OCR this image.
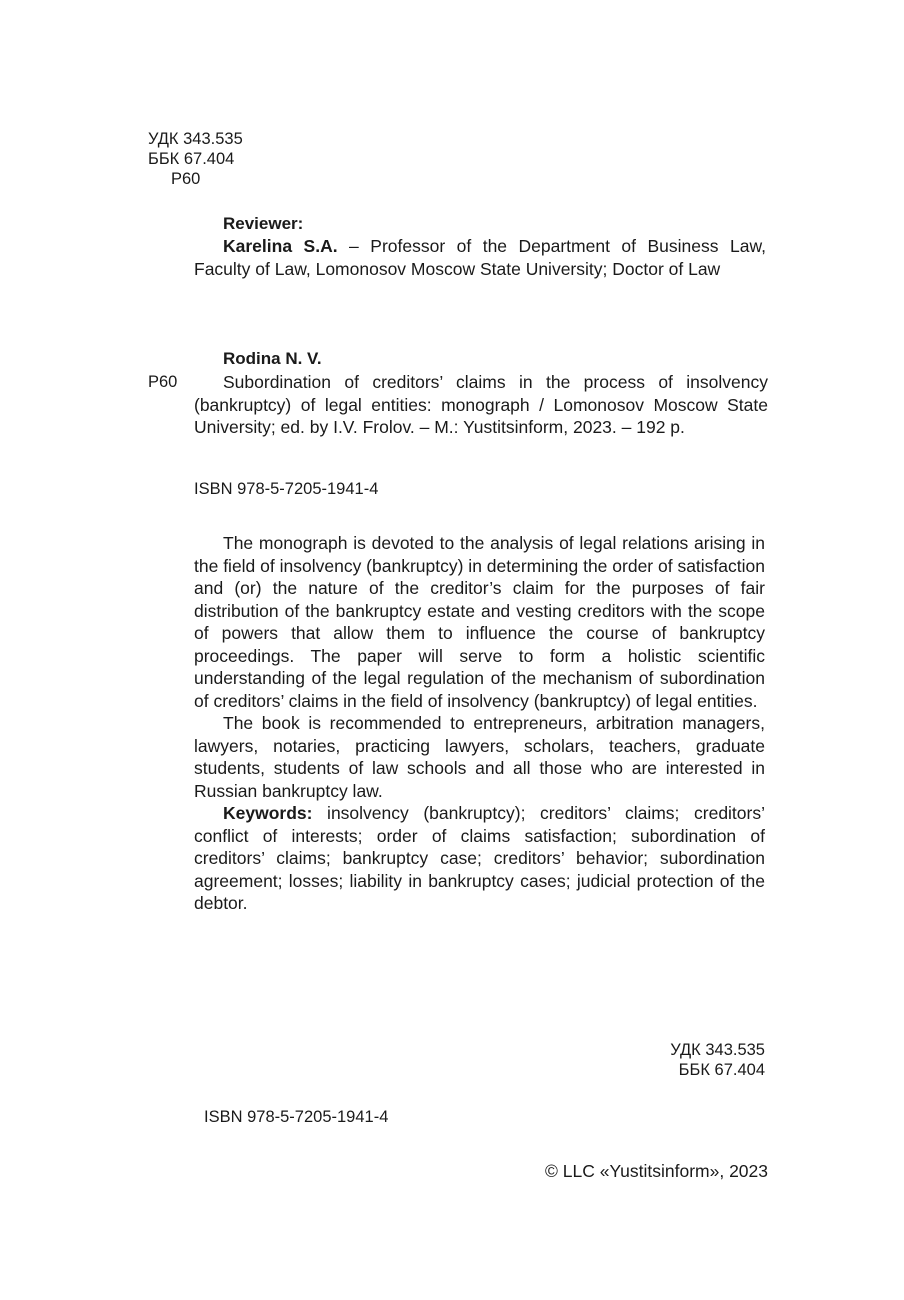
УДК 343.535
ББК 67.404
Р60
Reviewer:
Karelina S.A. – Professor of the Department of Business Law, Faculty of Law, Lomonosov Moscow State University; Doctor of Law
Rodina N. V.
Р60	Subordination of creditors’ claims in the process of insolvency (bankruptcy) of legal entities: monograph / Lomonosov Moscow State University; ed. by I.V. Frolov. – M.: Yustitsinform, 2023. – 192 p.
ISBN 978-5-7205-1941-4

The monograph is devoted to the analysis of legal relations arising in the field of insolvency (bankruptcy) in determining the order of satisfaction and (or) the nature of the creditor’s claim for the purposes of fair distribution of the bankruptcy estate and vesting creditors with the scope of powers that allow them to influence the course of bankruptcy proceedings. The paper will serve to form a holistic scientific understanding of the legal regulation of the mechanism of subordination of creditors’ claims in the field of insolvency (bankruptcy) of legal entities.

The book is recommended to entrepreneurs, arbitration managers, lawyers, notaries, practicing lawyers, scholars, teachers, graduate students, students of law schools and all those who are interested in Russian bankruptcy law.

Keywords: insolvency (bankruptcy); creditors’ claims; creditors’ conflict of interests; order of claims satisfaction; subordination of creditors’ claims; bankruptcy case; creditors’ behavior; subordination agreement; losses; liability in bankruptcy cases; judicial protection of the debtor.

УДК 343.535
ББК 67.404
ISBN 978-5-7205-1941-4
© LLC «Yustitsinform», 2023
